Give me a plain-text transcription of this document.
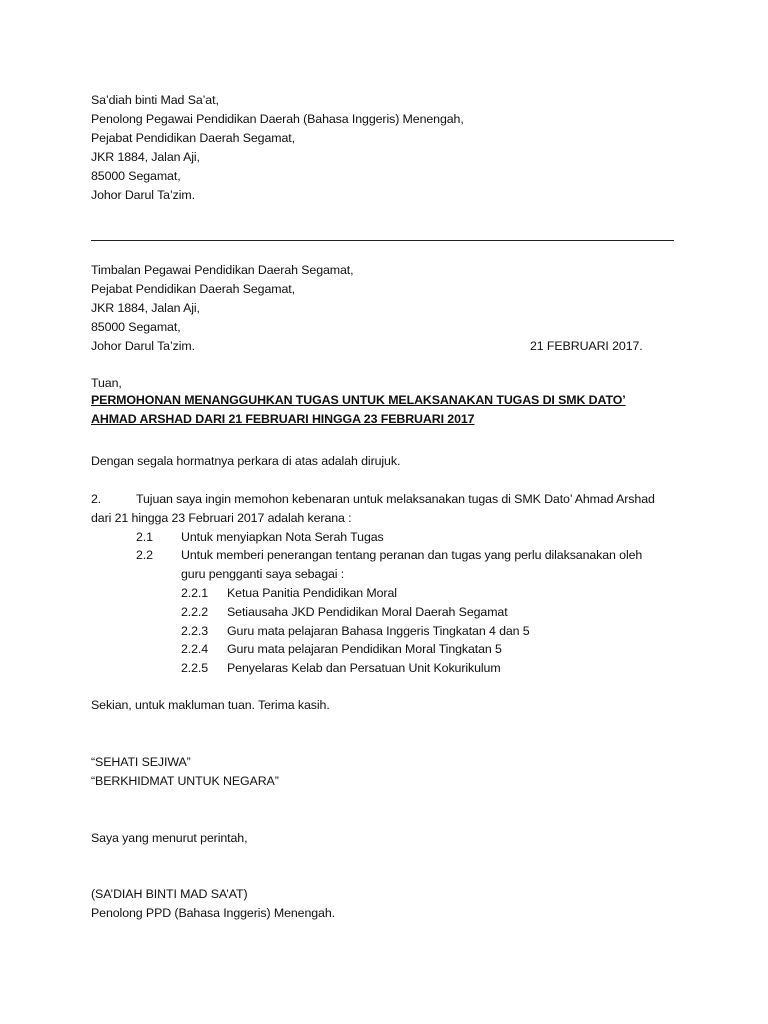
Sa’diah binti Mad Sa’at,
Penolong Pegawai Pendidikan Daerah (Bahasa Inggeris) Menengah,
Pejabat Pendidikan Daerah Segamat,
JKR 1884, Jalan Aji,
85000 Segamat,
Johor Darul Ta’zim.
Timbalan Pegawai Pendidikan Daerah Segamat,
Pejabat Pendidikan Daerah Segamat,
JKR 1884, Jalan Aji,
85000 Segamat,
Johor Darul Ta’zim.	21 FEBRUARI 2017.
Tuan,
PERMOHONAN MENANGGUHKAN TUGAS UNTUK MELAKSANAKAN TUGAS DI SMK DATO’
AHMAD ARSHAD DARI 21 FEBRUARI HINGGA 23 FEBRUARI 2017
Dengan segala hormatnya perkara di atas adalah dirujuk.
2.	Tujuan saya ingin memohon kebenaran untuk melaksanakan tugas di SMK Dato’ Ahmad Arshad
dari 21 hingga 23 Februari 2017 adalah kerana :
2.1 Untuk menyiapkan Nota Serah Tugas
2.2 Untuk memberi penerangan tentang peranan dan tugas yang perlu dilaksanakan oleh
guru pengganti saya sebagai :
2.2.1 Ketua Panitia Pendidikan Moral
2.2.2 Setiausaha JKD Pendidikan Moral Daerah Segamat
2.2.3 Guru mata pelajaran Bahasa Inggeris Tingkatan 4 dan 5
2.2.4 Guru mata pelajaran Pendidikan Moral Tingkatan 5
2.2.5 Penyelaras Kelab dan Persatuan Unit Kokurikulum
Sekian, untuk makluman tuan. Terima kasih.
“SEHATI SEJIWA”
“BERKHIDMAT UNTUK NEGARA”
Saya yang menurut perintah,
(SA’DIAH BINTI MAD SA’AT)
Penolong PPD (Bahasa Inggeris) Menengah.
